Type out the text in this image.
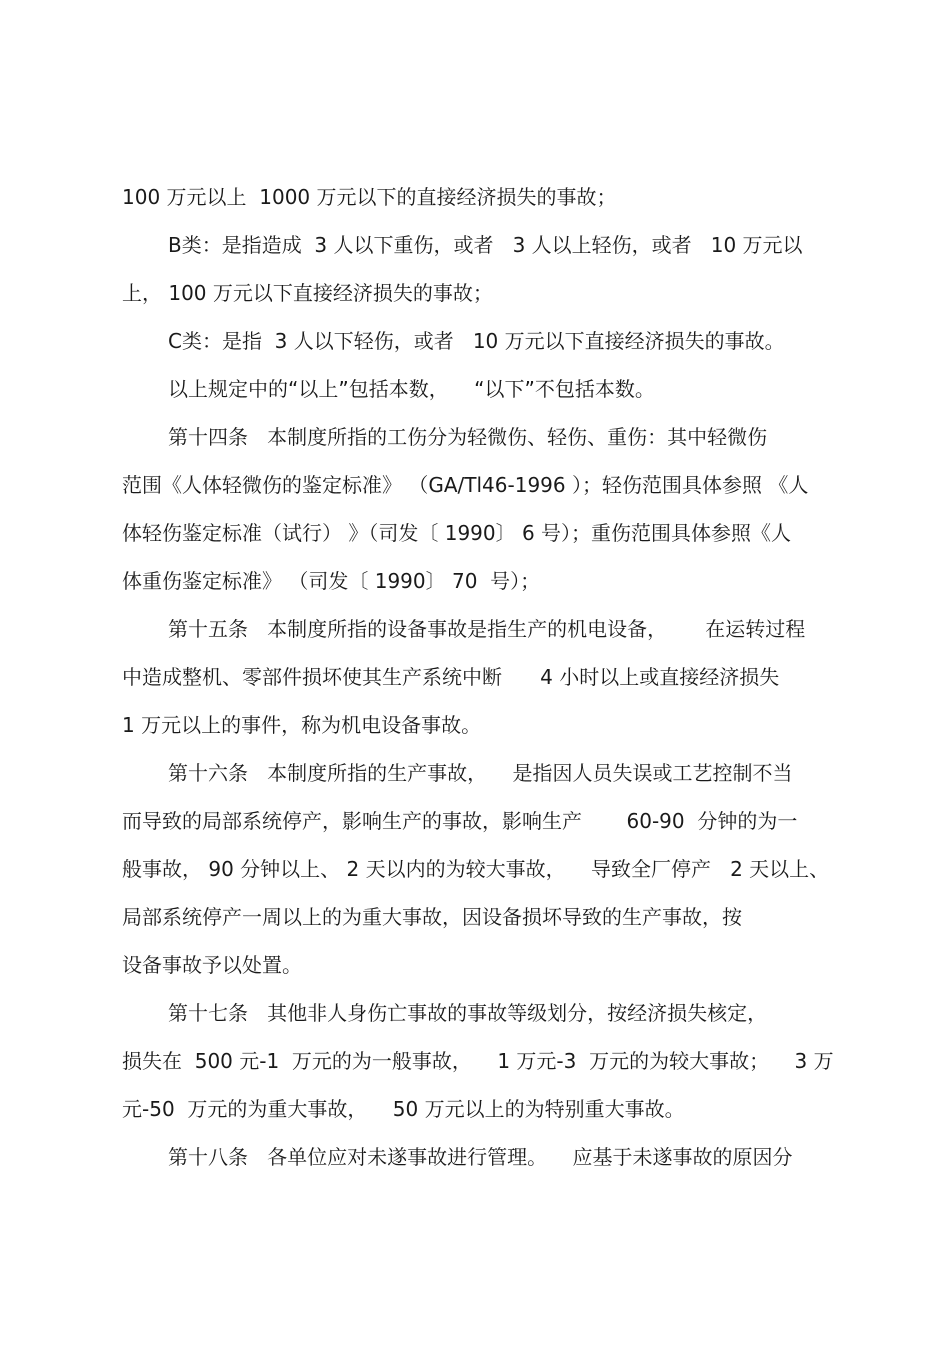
100 万元以上  1000 万元以下的直接经济损失的事故；
B类：是指造成  3 人以下重伤，或者   3 人以上轻伤，或者   10 万元以
上， 100 万元以下直接经济损失的事故；
C类：是指  3 人以下轻伤，或者   10 万元以下直接经济损失的事故。
以上规定中的“以上”包括本数，    “以下”不包括本数。
第十四条   本制度所指的工伤分为轻微伤、轻伤、重伤：其中轻微伤
范围《人体轻微伤的鉴定标准》 （GA/Tl46-1996 ）；轻伤范围具体参照 《人
体轻伤鉴定标准（试行） 》（司发〔 1990〕 6 号）；重伤范围具体参照《人
体重伤鉴定标准》 （司发〔 1990〕 70  号）；
第十五条   本制度所指的设备事故是指生产的机电设备，      在运转过程
中造成整机、零部件损坏使其生产系统中断      4 小时以上或直接经济损失
1 万元以上的事件，称为机电设备事故。
第十六条   本制度所指的生产事故，    是指因人员失误或工艺控制不当
而导致的局部系统停产，影响生产的事故，影响生产       60-90  分钟的为一
般事故， 90 分钟以上、 2 天以内的为较大事故，    导致全厂停产   2 天以上、
局部系统停产一周以上的为重大事故，因设备损坏导致的生产事故，按
设备事故予以处置。
第十七条   其他非人身伤亡事故的事故等级划分，按经济损失核定，
损失在  500 元-1  万元的为一般事故，    1 万元-3  万元的为较大事故；    3 万
元-50  万元的为重大事故，    50 万元以上的为特别重大事故。
第十八条   各单位应对未遂事故进行管理。    应基于未遂事故的原因分
